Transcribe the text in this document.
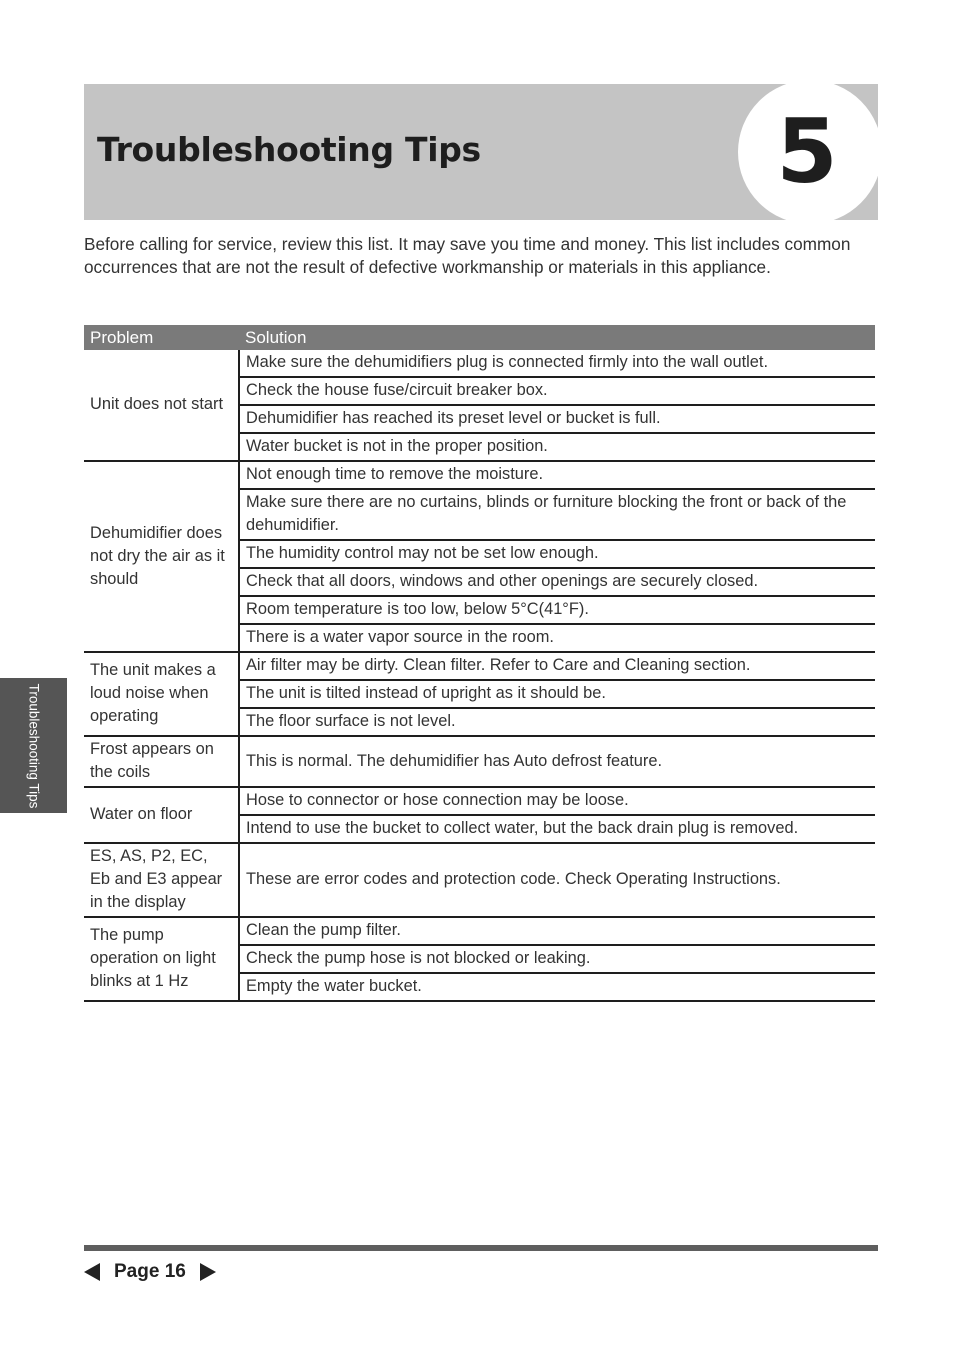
Troubleshooting Tips	5

Before calling for service, review this list. It may save you time and money. This list includes common occurrences that are not the result of defective workmanship or materials in this appliance.

Troubleshooting Tips
Problem	Solution
Unit does not start	Make sure the dehumidifiers plug is connected firmly into the wall outlet.
	Check the house fuse/circuit breaker box.
	Dehumidifier has reached its preset level or bucket is full.
	Water bucket is not in the proper position.
Dehumidifier does not dry the air as it should	Not enough time to remove the moisture.
	Make sure there are no curtains, blinds or furniture blocking the front or back of the dehumidifier.
	The humidity control may not be set low enough.
	Check that all doors, windows and other openings are securely closed.
	Room temperature is too low, below 5°C(41°F).
	There is a water vapor source in the room.
The unit makes a loud noise when operating	Air filter may be dirty. Clean filter. Refer to Care and Cleaning section.
	The unit is tilted instead of upright as it should be.
	The floor surface is not level.
Frost appears on the coils	This is normal. The dehumidifier has Auto defrost feature.
Water on floor	Hose to connector or hose connection may be loose.
	Intend to use the bucket to collect water, but the back drain plug is removed.
ES, AS, P2, EC, Eb and E3 appear in the display	These are error codes and protection code. Check Operating Instructions.
The pump operation on light blinks at 1 Hz	Clean the pump filter.
	Check the pump hose is not blocked or leaking.
	Empty the water bucket.
Page 16
